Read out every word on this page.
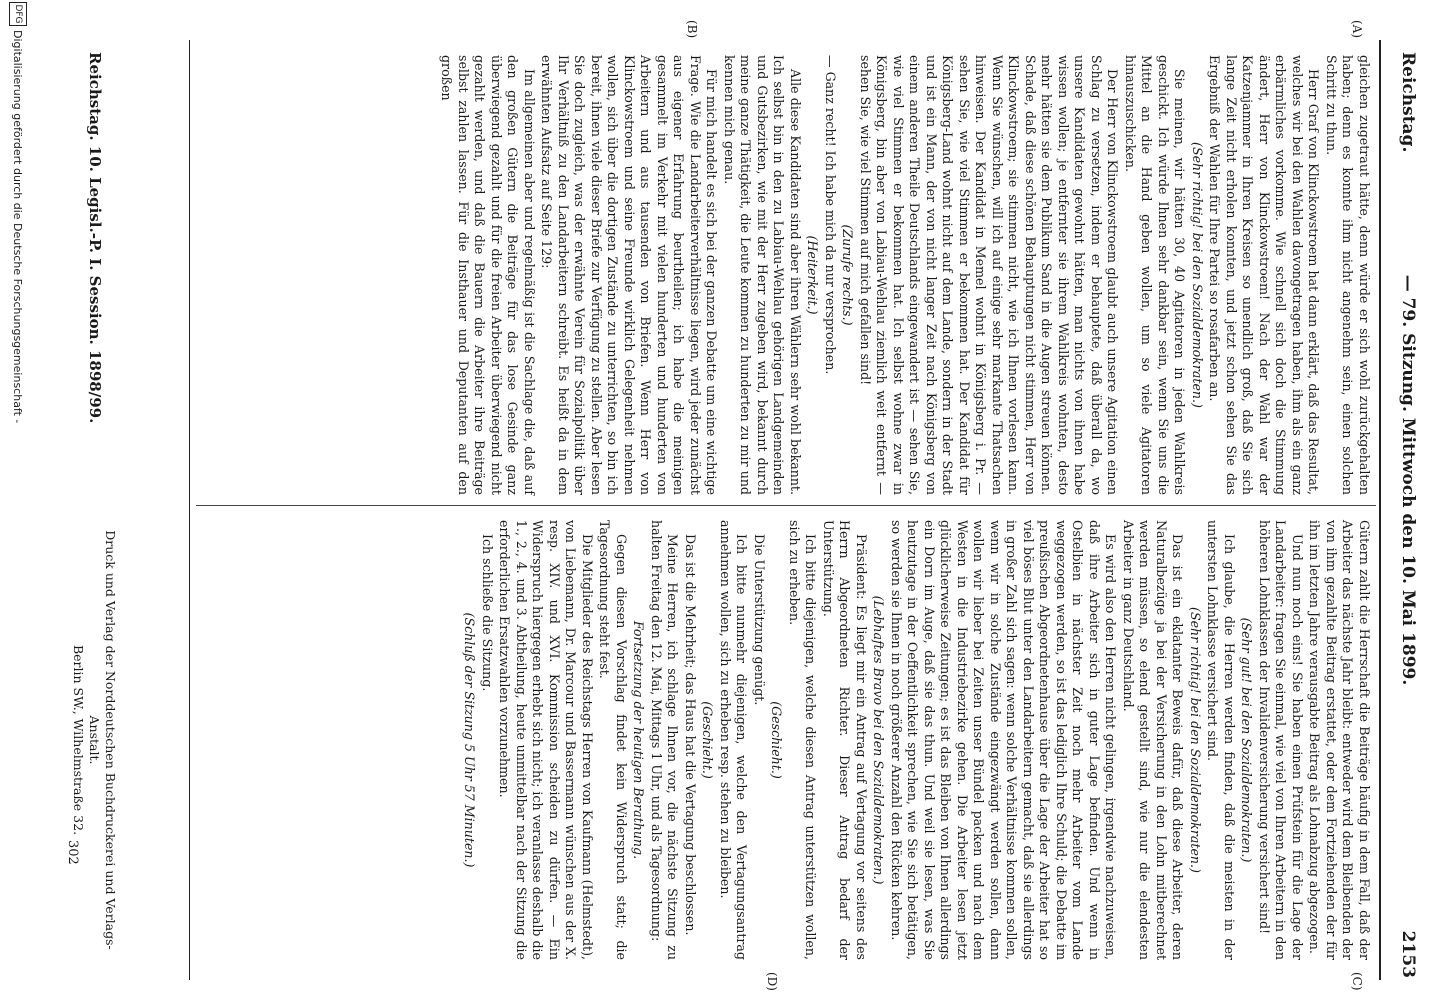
Reichstag.
— 79. Sitzung. Mittwoch den 10. Mai 1899.
2153
(A)
(B)
(C)
(D)

gleichen zugetraut hätte, denn würde er sich wohl zurückgehalten haben; denn es konnte ihm nicht angenehm sein, einen solchen Schritt zu thun.

Herr Graf von Klinckowstroem hat dann erklärt, daß das Resultat, welches wir bei den Wahlen davongetragen haben, ihm als ein ganz erbärmliches vorkomme. Wie schnell sich doch die Stimmung ändert, Herr von Klinckowstroem! Nach der Wahl war der Katzenjammer in Ihren Kreisen so unendlich groß, daß Sie sich lange Zeit nicht erholen konnten, und jetzt schon sehen Sie das Ergebniß der Wahlen für Ihre Partei so rosafarben an.

(Sehr richtig! bei den Sozialdemokraten.)

Sie meinen, wir hätten 30, 40 Agitatoren in jeden Wahlkreis geschickt. Ich würde Ihnen sehr dankbar sein, wenn Sie uns die Mittel an die Hand geben wollen, um so viele Agitatoren hinauszuschicken.

Der Herr von Klinckowstroem glaubt auch unsere Agitation einen Schlag zu versetzen, indem er behauptete, daß überall da, wo unsere Kandidaten gewohnt hätten, man nichts von ihnen habe wissen wollen; je entfernter sie ihrem Wahlkreis wohnten, desto mehr hätten sie dem Publikum Sand in die Augen streuen können. Schade, daß diese schönen Behauptungen nicht stimmen, Herr von Klinckowstroem; sie stimmen nicht, wie ich Ihnen vorlesen kann. Wenn Sie wünschen, will ich auf einige sehr markante Thatsachen hinweisen. Der Kandidat in Memel wohnt in Königsberg i. Pr. — sehen Sie, wie viel Stimmen er bekommen hat. Der Kandidat für Königsberg-Land wohnt nicht auf dem Lande, sondern in der Stadt und ist ein Mann, der von nicht langer Zeit nach Königsberg von einem anderen Theile Deutschlands eingewandert ist — sehen Sie, wie viel Stimmen er bekommen hat. Ich selbst wohne zwar in Königsberg, bin aber von Labiau-Wehlau ziemlich weit entfernt — sehen Sie, wie viel Stimmen auf mich gefallen sind!

(Zurufe rechts.)

— Ganz recht! Ich habe mich da nur versprochen.

(Heiterkeit.)

Alle diese Kandidaten sind aber ihren Wählern sehr wohl bekannt. Ich selbst bin in den zu Labiau-Wehlau gehörigen Landgemeinden und Gutsbezirken, wie mit der Herr zugeben wird, bekannt durch meine ganze Thätigkeit, die Leute kommen zu hunderten zu mir und kennen mich genau.

Für mich handelt es sich bei der ganzen Debatte um eine wichtige Frage. Wie die Landarbeiterverhältnisse liegen, wird jeder zunächst aus eigener Erfahrung beurtheilen; ich habe die meinigen gesammelt im Verkehr mit vielen hunderten und hunderten von Arbeitern und aus tausenden von Briefen. Wenn Herr von Klinckowstroem und seine Freunde wirklich Gelegenheit nehmen wollen, sich über die dortigen Zustände zu unterrichten, so bin ich bereit, ihnen viele dieser Briefe zur Verfügung zu stellen. Aber lesen Sie doch zugleich, was der erwähnte Verein für Sozialpolitik über Ihr Verhältniß zu den Landarbeitern schreibt. Es heißt da in dem erwähnten Aufsatz auf Seite 129:

Im allgemeinen aber und regelmäßig ist die Sachlage die, daß auf den großen Gütern die Beiträge für das lose Gesinde ganz überwiegend gezahlt und für die freien Arbeiter überwiegend nicht gezahlt werden, und daß die Bauern die Arbeiter ihre Beiträge selbst zahlen lassen. Für die Insthauer und Deputanten auf den großen

Gütern zahlt die Herrschaft die Beiträge häufig in dem Fall, daß der Arbeiter das nächste Jahr bleibt: entweder wird dem Bleibenden der von ihm gezahlte Beitrag erstattet, oder dem Fortziehenden der für ihn im letzten Jahre verausgabte Beitrag als Lohnabzug abgezogen.

Und nun noch eins! Sie haben einen Prüfstein für die Lage der Landarbeiter: fragen Sie einmal, wie viel von Ihren Arbeitern in den höheren Lohnklassen der Invalidenversicherung versichert sind!

(Sehr gut! bei den Sozialdemokraten.)

Ich glaube, die Herren werden finden, daß die meisten in der untersten Lohnklasse versichert sind.

(Sehr richtig! bei den Sozialdemokraten.)

Das ist ein eklatanter Beweis dafür, daß diese Arbeiter, deren Naturalbezüge ja bei der Versicherung in den Lohn mitberechnet werden müssen, so elend gestellt sind, wie nur die elendesten Arbeiter in ganz Deutschland.

Es wird also den Herren nicht gelingen, irgendwie nachzuweisen, daß ihre Arbeiter sich in guter Lage befinden. Und wenn in Ostelbien in nächster Zeit noch mehr Arbeiter vom Lande weggezogen werden, so ist das lediglich Ihre Schuld; die Debatte im preußischen Abgeordnetenhause über die Lage der Arbeiter hat so viel böses Blut unter den Landarbeitern gemacht, daß sie allerdings in großer Zahl sich sagen: wenn solche Verhältnisse kommen sollen, wenn wir in solche Zustände eingezwängt werden sollen, dann wollen wir lieber bei Zeiten unser Bündel packen und nach dem Westen in die Industriebezirke gehen. Die Arbeiter lesen jetzt glücklicherweise Zeitungen; es ist das Bleiben von Ihnen allerdings ein Dorn im Auge, daß sie das thun. Und weil sie lesen, was Sie heutzutage in der Oeffentlichkeit sprechen, wie Sie sich betätigen, so werden sie Ihnen in noch größerer Anzahl den Rücken kehren.

(Lebhaftes Bravo bei den Sozialdemokraten.)

Präsident: Es liegt mir ein Antrag auf Vertagung vor seitens des Herrn Abgeordneten Richter. Dieser Antrag bedarf der Unterstützung.

Ich bitte diejenigen, welche diesen Antrag unterstützen wollen, sich zu erheben.

(Geschieht.)

Die Unterstützung genügt.

Ich bitte nunmehr diejenigen, welche den Vertagungsantrag annehmen wollen, sich zu erheben resp. stehen zu bleiben.

(Geschieht.)

Das ist die Mehrheit; das Haus hat die Vertagung beschlossen.

Meine Herren, ich schlage Ihnen vor, die nächste Sitzung zu halten Freitag den 12. Mai, Mittags 1 Uhr, und als Tagesordnung:

Fortsetzung der heutigen Berathung.

Gegen diesen Vorschlag findet kein Widerspruch statt; die Tagesordnung steht fest.

Die Mitglieder des Reichstags Herren von Kaufmann (Helmstedt), von Liebemann, Dr. Marcour und Bassermann wünschen aus der X. resp. XIV. und XVI. Kommission scheiden zu dürfen. — Ein Widerspruch hiergegen erhebt sich nicht; ich veranlasse deshalb die 1., 2., 4. und 3. Abtheilung, heute unmittelbar nach der Sitzung die erforderlichen Ersatzwahlen vorzunehmen.

Ich schließe die Sitzung.

(Schluß der Sitzung 5 Uhr 57 Minuten.)

Reichstag. 10. Legisl.-P. I. Session. 1898/99.
Druck und Verlag der Norddeutschen Buchdruckerei und Verlags-Anstalt.
Berlin SW., Wilhelmstraße 32.
302
Digitalisierung gefördert durch die Deutsche Forschungsgemeinschaft -
DFG
